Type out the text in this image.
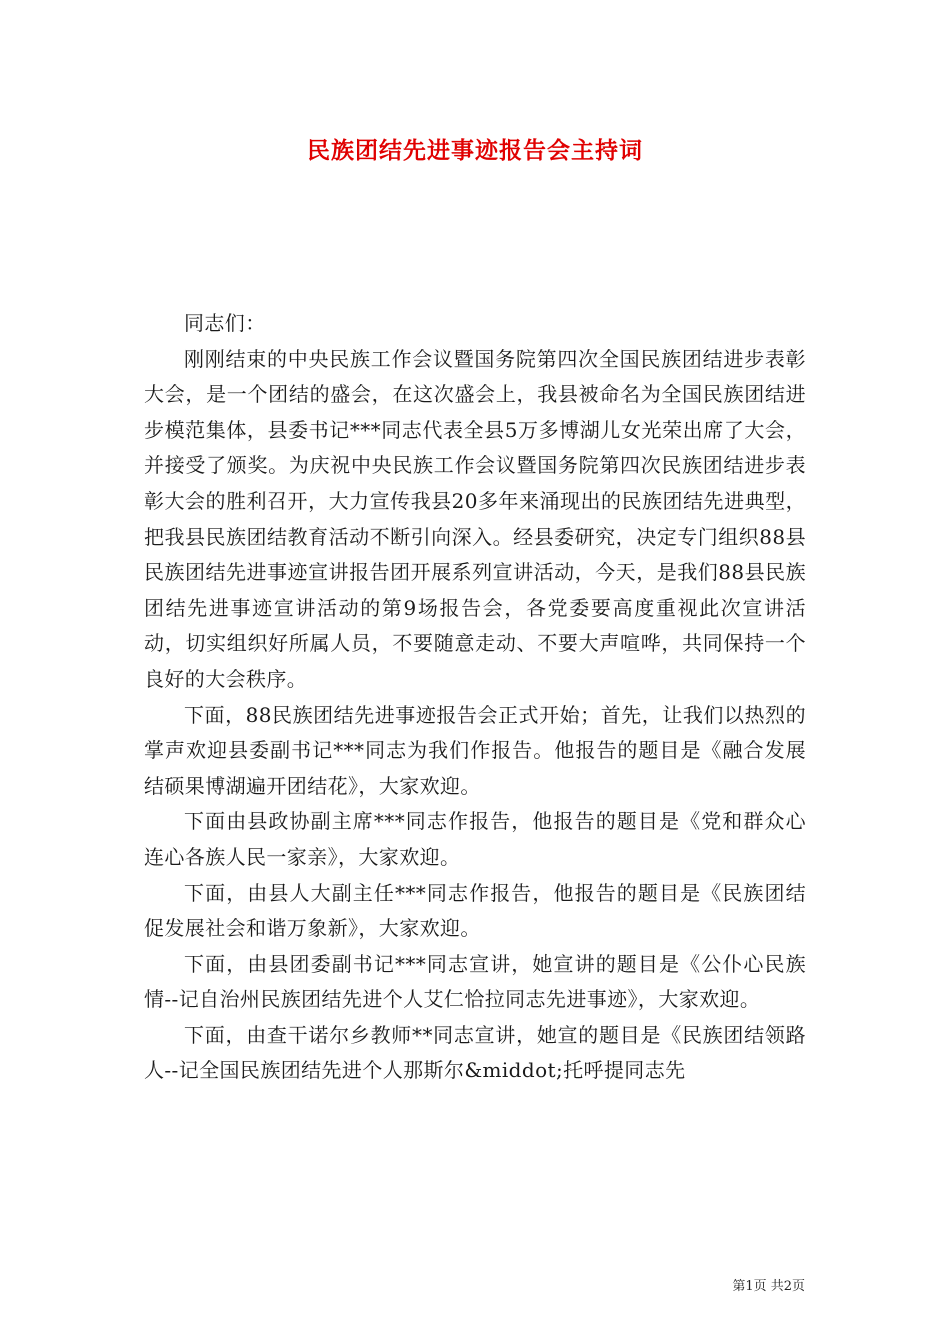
民族团结先进事迹报告会主持词

同志们：

刚刚结束的中央民族工作会议暨国务院第四次全国民族团结进步表彰大会，是一个团结的盛会，在这次盛会上，我县被命名为全国民族团结进步模范集体，县委书记***同志代表全县5万多博湖儿女光荣出席了大会，并接受了颁奖。为庆祝中央民族工作会议暨国务院第四次民族团结进步表彰大会的胜利召开，大力宣传我县20多年来涌现出的民族团结先进典型，把我县民族团结教育活动不断引向深入。经县委研究，决定专门组织88县民族团结先进事迹宣讲报告团开展系列宣讲活动，今天，是我们88县民族团结先进事迹宣讲活动的第9场报告会，各党委要高度重视此次宣讲活动，切实组织好所属人员，不要随意走动、不要大声喧哗，共同保持一个良好的大会秩序。

下面，88民族团结先进事迹报告会正式开始；首先，让我们以热烈的掌声欢迎县委副书记***同志为我们作报告。他报告的题目是《融合发展结硕果博湖遍开团结花》，大家欢迎。

下面由县政协副主席***同志作报告，他报告的题目是《党和群众心连心各族人民一家亲》，大家欢迎。

下面，由县人大副主任***同志作报告，他报告的题目是《民族团结促发展社会和谐万象新》，大家欢迎。

下面，由县团委副书记***同志宣讲，她宣讲的题目是《公仆心民族情--记自治州民族团结先进个人艾仁恰拉同志先进事迹》，大家欢迎。

下面，由查干诺尔乡教师**同志宣讲，她宣的题目是《民族团结领路人--记全国民族团结先进个人那斯尔&middot;托呼提同志先

第1页 共2页
